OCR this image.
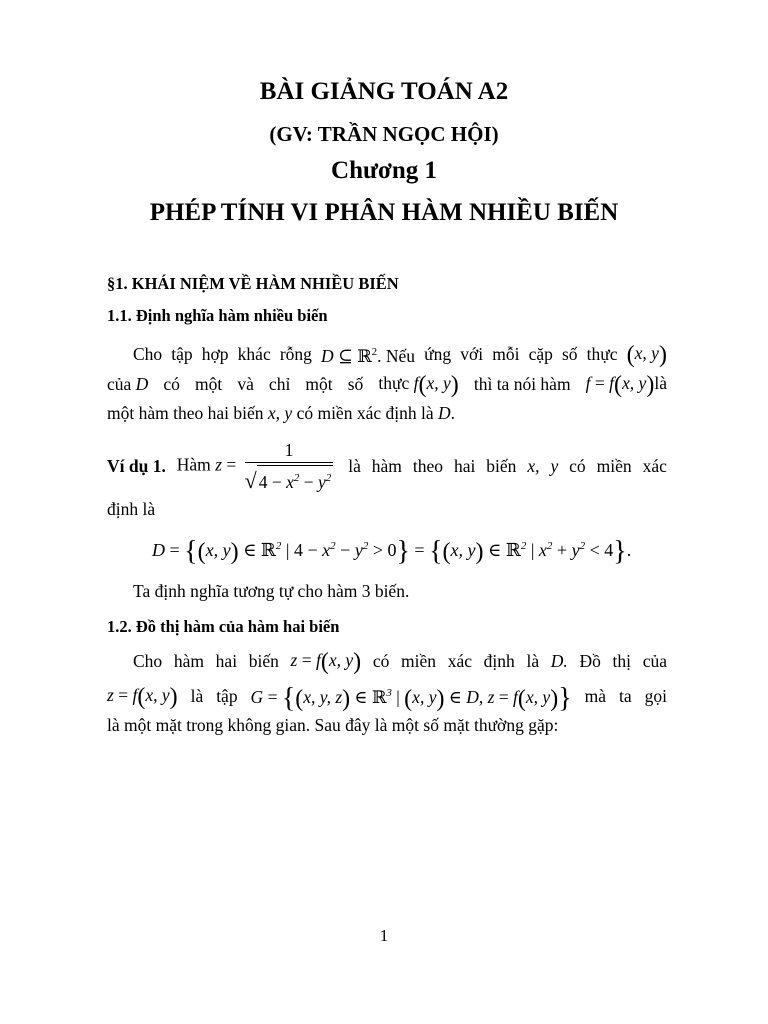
BÀI GIẢNG TOÁN A2
(GV: TRẦN NGỌC HỘI)
Chương 1
PHÉP TÍNH VI PHÂN HÀM NHIỀU BIẾN
§1. KHÁI NIỆM VỀ HÀM NHIỀU BIẾN
1.1. Định nghĩa hàm nhiều biến
Cho tập hợp khác rỗng D ⊆ ℝ$^2$. Nếu ứng với mỗi cặp số thực (x, y)
của D có một và chỉ một số thực f(x, y) thì ta nói hàm f = f(x, y)là
một hàm theo hai biến x, y có miền xác định là D.
Ví dụ 1. Hàm $z = \frac{1}{√ 4 - x^2 - y^2}$ là hàm theo hai biến x, y có miền xác
định là
D = {(x, y) ∈ ℝ$^2$ | $4 - x^2 - y^2 > 0\} = \{(x$, y) ∈ ℝ$^2$ | $x^2 + y^2 < 4$}.
Ta định nghĩa tương tự cho hàm 3 biến.
1.2. Đồ thị hàm của hàm hai biến
Cho hàm hai biến z = f(x, y) có miền xác định là D. Đồ thị của
z = f(x, y) là tập G = {(x, y, z) ∈ ℝ$^3$ | (x, y) ∈ D, z = f(x, y)} mà ta gọi
là một mặt trong không gian. Sau đây là một số mặt thường gặp:
1
